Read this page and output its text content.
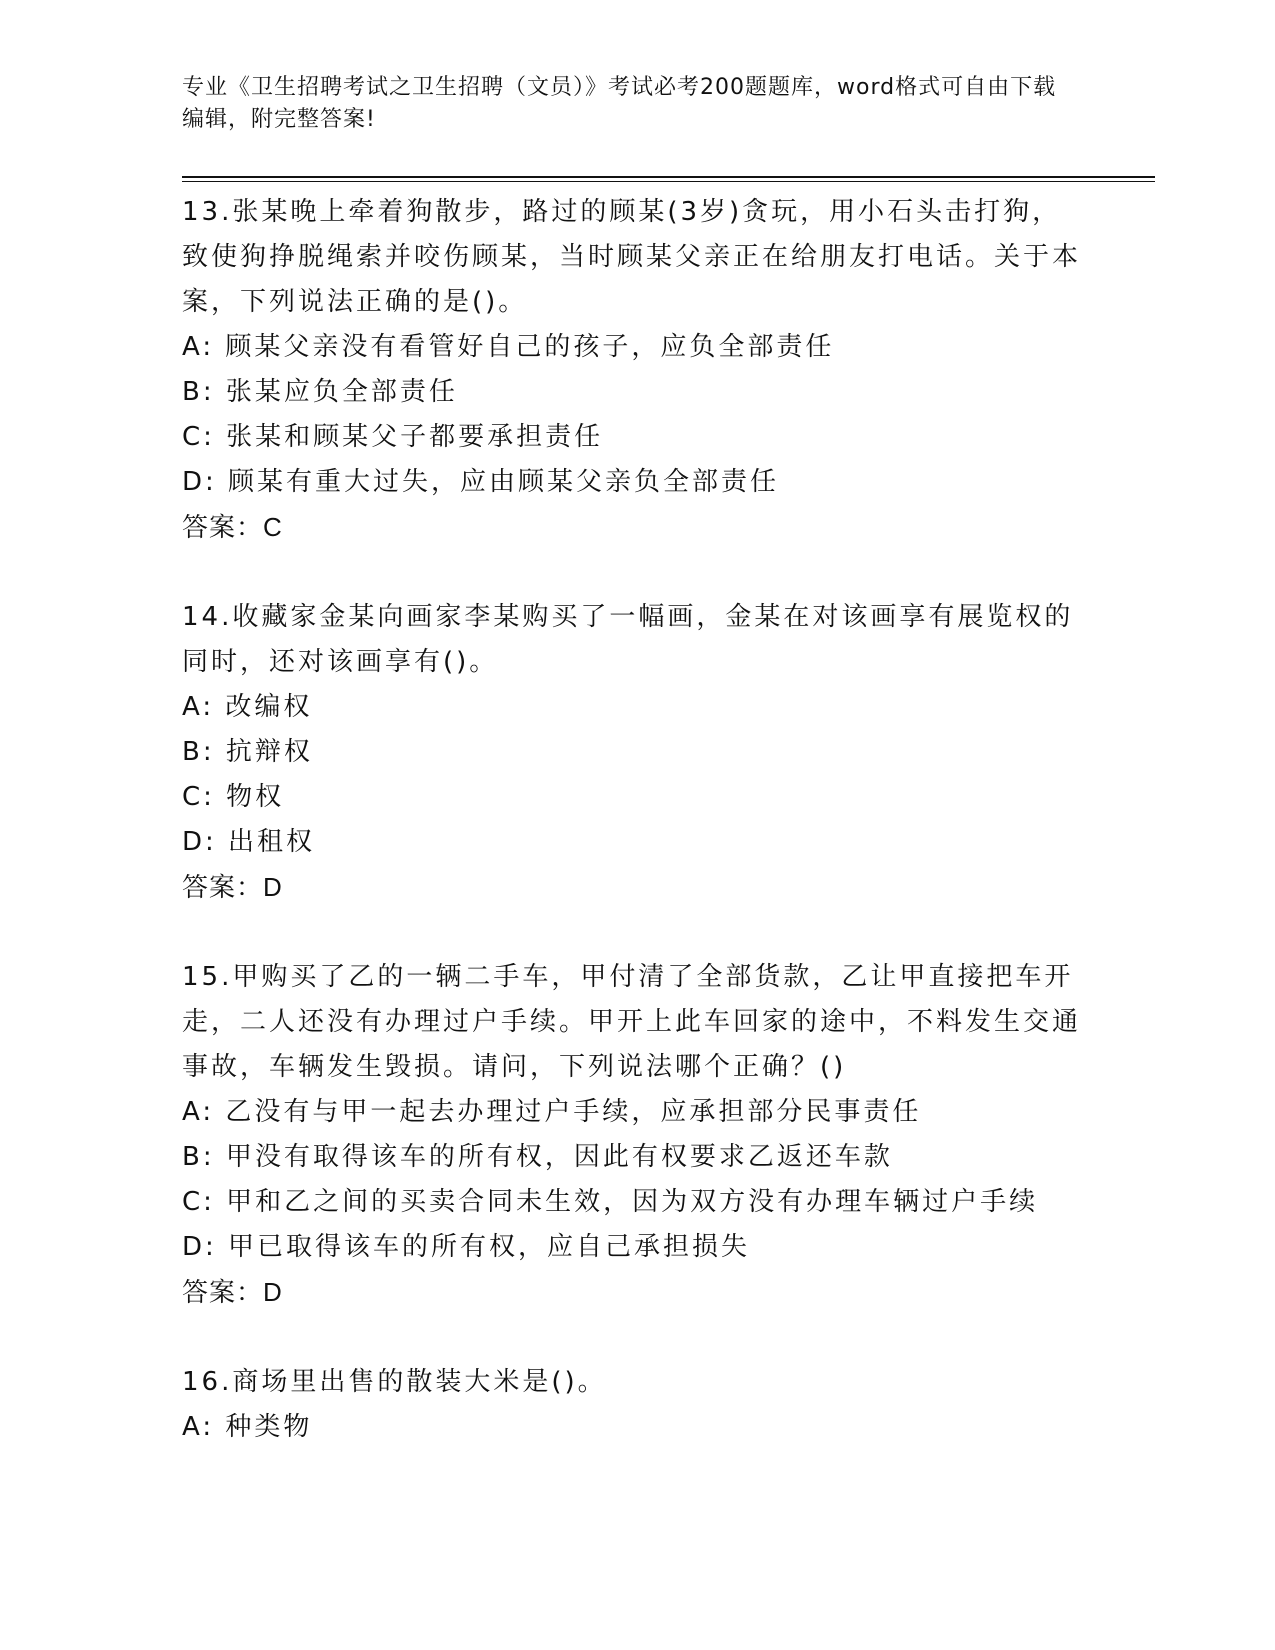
专业《卫生招聘考试之卫生招聘（文员）》考试必考200题题库，word格式可自由下载编辑，附完整答案!
13.张某晚上牵着狗散步，路过的顾某(3岁)贪玩，用小石头击打狗，致使狗挣脱绳索并咬伤顾某，当时顾某父亲正在给朋友打电话。关于本案，下列说法正确的是()。
A: 顾某父亲没有看管好自己的孩子，应负全部责任
B: 张某应负全部责任
C: 张某和顾某父子都要承担责任
D: 顾某有重大过失，应由顾某父亲负全部责任
答案：C
14.收藏家金某向画家李某购买了一幅画，金某在对该画享有展览权的同时，还对该画享有()。
A: 改编权
B: 抗辩权
C: 物权
D: 出租权
答案：D
15.甲购买了乙的一辆二手车，甲付清了全部货款，乙让甲直接把车开走，二人还没有办理过户手续。甲开上此车回家的途中，不料发生交通事故，车辆发生毁损。请问，下列说法哪个正确？()
A: 乙没有与甲一起去办理过户手续，应承担部分民事责任
B: 甲没有取得该车的所有权，因此有权要求乙返还车款
C: 甲和乙之间的买卖合同未生效，因为双方没有办理车辆过户手续
D: 甲已取得该车的所有权，应自己承担损失
答案：D
16.商场里出售的散装大米是()。
A: 种类物
